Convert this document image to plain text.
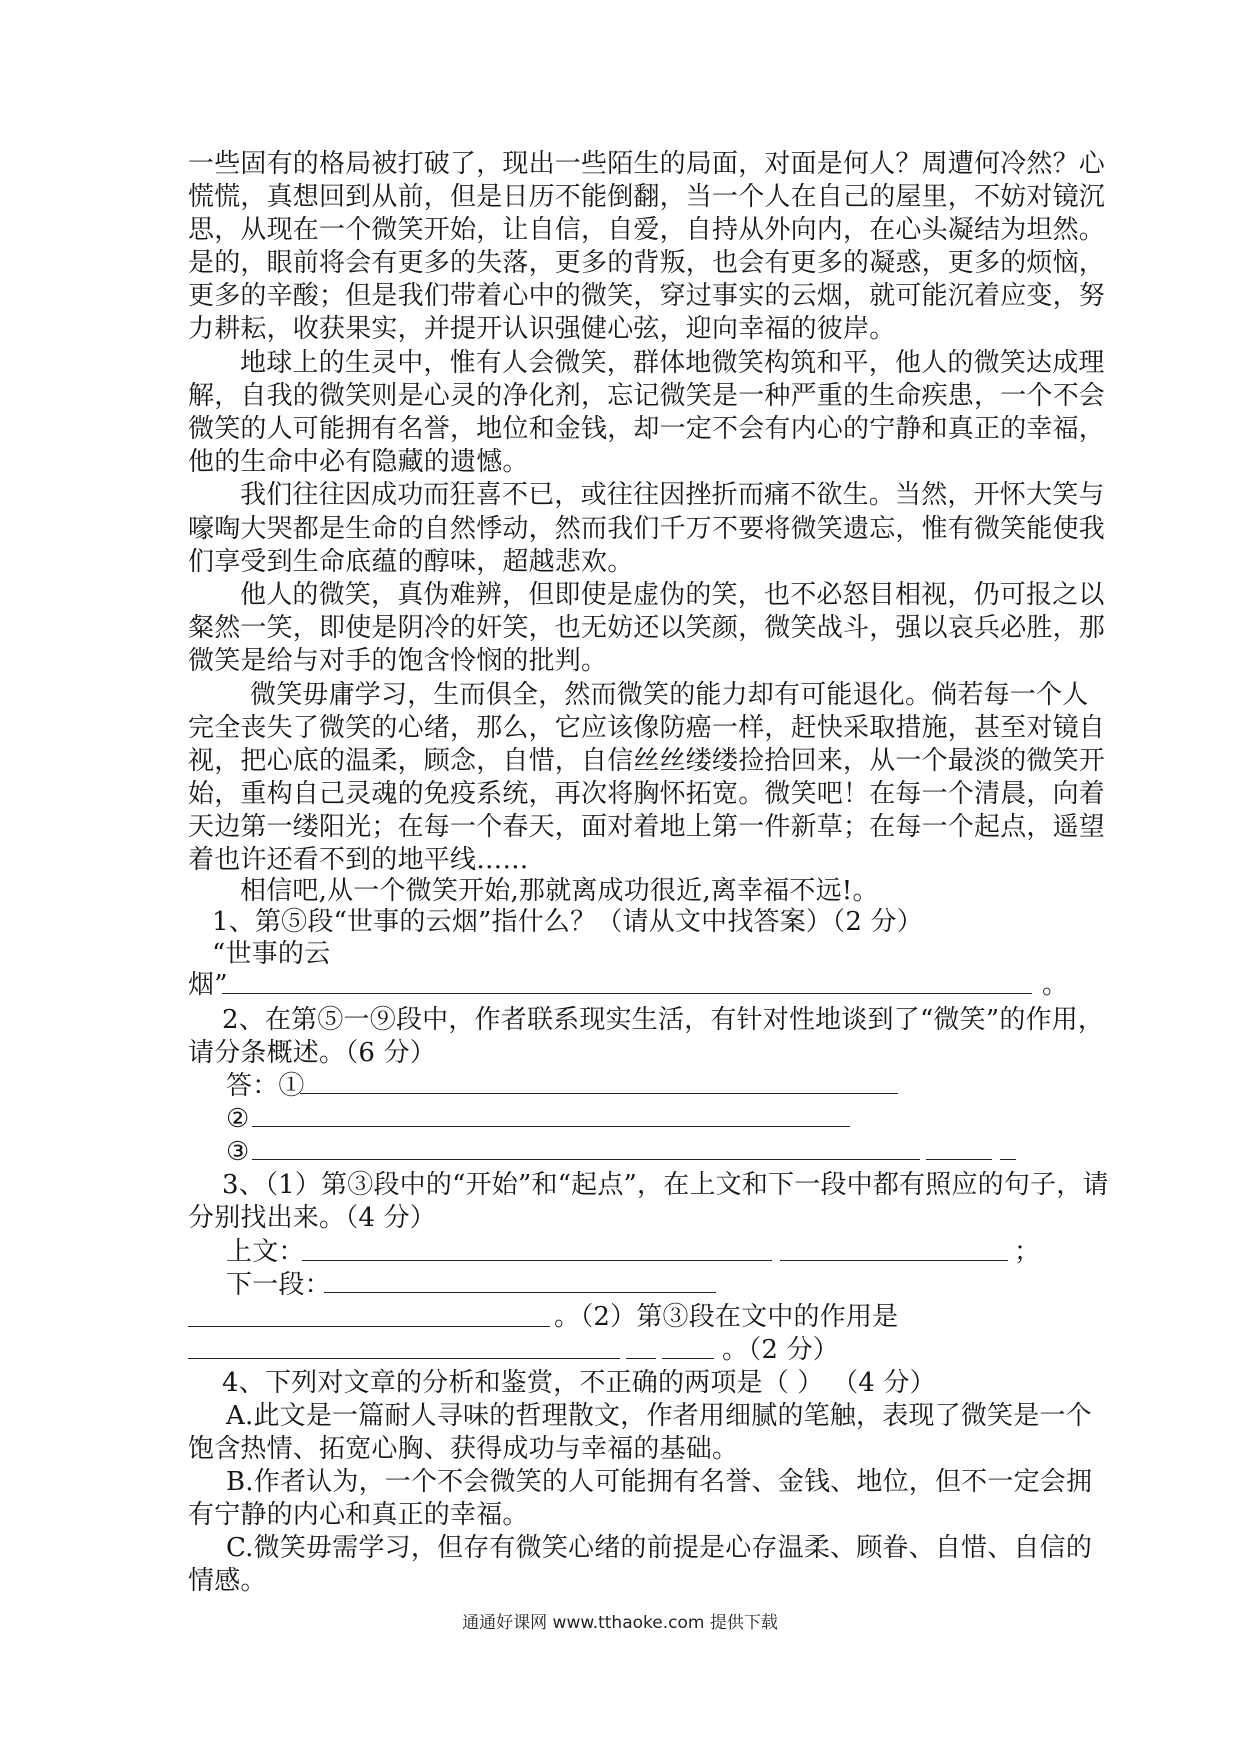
一些固有的格局被打破了，现出一些陌生的局面，对面是何人？周遭何冷然？心
慌慌，真想回到从前，但是日历不能倒翻，当一个人在自己的屋里，不妨对镜沉
思，从现在一个微笑开始，让自信，自爱，自持从外向内，在心头凝结为坦然。
是的，眼前将会有更多的失落，更多的背叛，也会有更多的凝惑，更多的烦恼，
更多的辛酸；但是我们带着心中的微笑，穿过事实的云烟，就可能沉着应变，努
力耕耘，收获果实，并提开认识强健心弦，迎向幸福的彼岸。
地球上的生灵中，惟有人会微笑，群体地微笑构筑和平，他人的微笑达成理
解，自我的微笑则是心灵的净化剂，忘记微笑是一种严重的生命疾患，一个不会
微笑的人可能拥有名誉，地位和金钱，却一定不会有内心的宁静和真正的幸福，
他的生命中必有隐藏的遗憾。
我们往往因成功而狂喜不已，或往往因挫折而痛不欲生。当然，开怀大笑与
嚎啕大哭都是生命的自然悸动，然而我们千万不要将微笑遗忘，惟有微笑能使我
们享受到生命底蕴的醇味，超越悲欢。
他人的微笑，真伪难辨，但即使是虚伪的笑，也不必怒目相视，仍可报之以
粲然一笑，即使是阴冷的奸笑，也无妨还以笑颜，微笑战斗，强以哀兵必胜，那
微笑是给与对手的饱含怜悯的批判。
微笑毋庸学习，生而俱全，然而微笑的能力却有可能退化。倘若每一个人
完全丧失了微笑的心绪，那么，它应该像防癌一样，赶快采取措施，甚至对镜自
视，把心底的温柔，顾念，自惜，自信丝丝缕缕捡拾回来，从一个最淡的微笑开
始，重构自己灵魂的免疫系统，再次将胸怀拓宽。微笑吧！在每一个清晨，向着
天边第一缕阳光；在每一个春天，面对着地上第一件新草；在每一个起点，遥望
着也许还看不到的地平线……
相信吧,从一个微笑开始,那就离成功很近,离幸福不远!。
1、第⑤段“世事的云烟”指什么？（请从文中找答案）（2 分）
“世事的云
烟”	。
2、在第⑤一⑨段中，作者联系现实生活，有针对性地谈到了“微笑”的作用，
请分条概述。（6 分）
答：①
②
③
3、（1）第③段中的“开始”和“起点”，在上文和下一段中都有照应的句子，请
分别找出来。（4 分）
上文：	；
下一段：
。（2）第③段在文中的作用是
。（2 分）
4、下列对文章的分析和鉴赏，不正确的两项是（ ） （4 分）
A.此文是一篇耐人寻味的哲理散文，作者用细腻的笔触，表现了微笑是一个
饱含热情、拓宽心胸、获得成功与幸福的基础。
B.作者认为，一个不会微笑的人可能拥有名誉、金钱、地位，但不一定会拥
有宁静的内心和真正的幸福。
C.微笑毋需学习，但存有微笑心绪的前提是心存温柔、顾眷、自惜、自信的
情感。
通通好课网 www.tthaoke.com 提供下载
